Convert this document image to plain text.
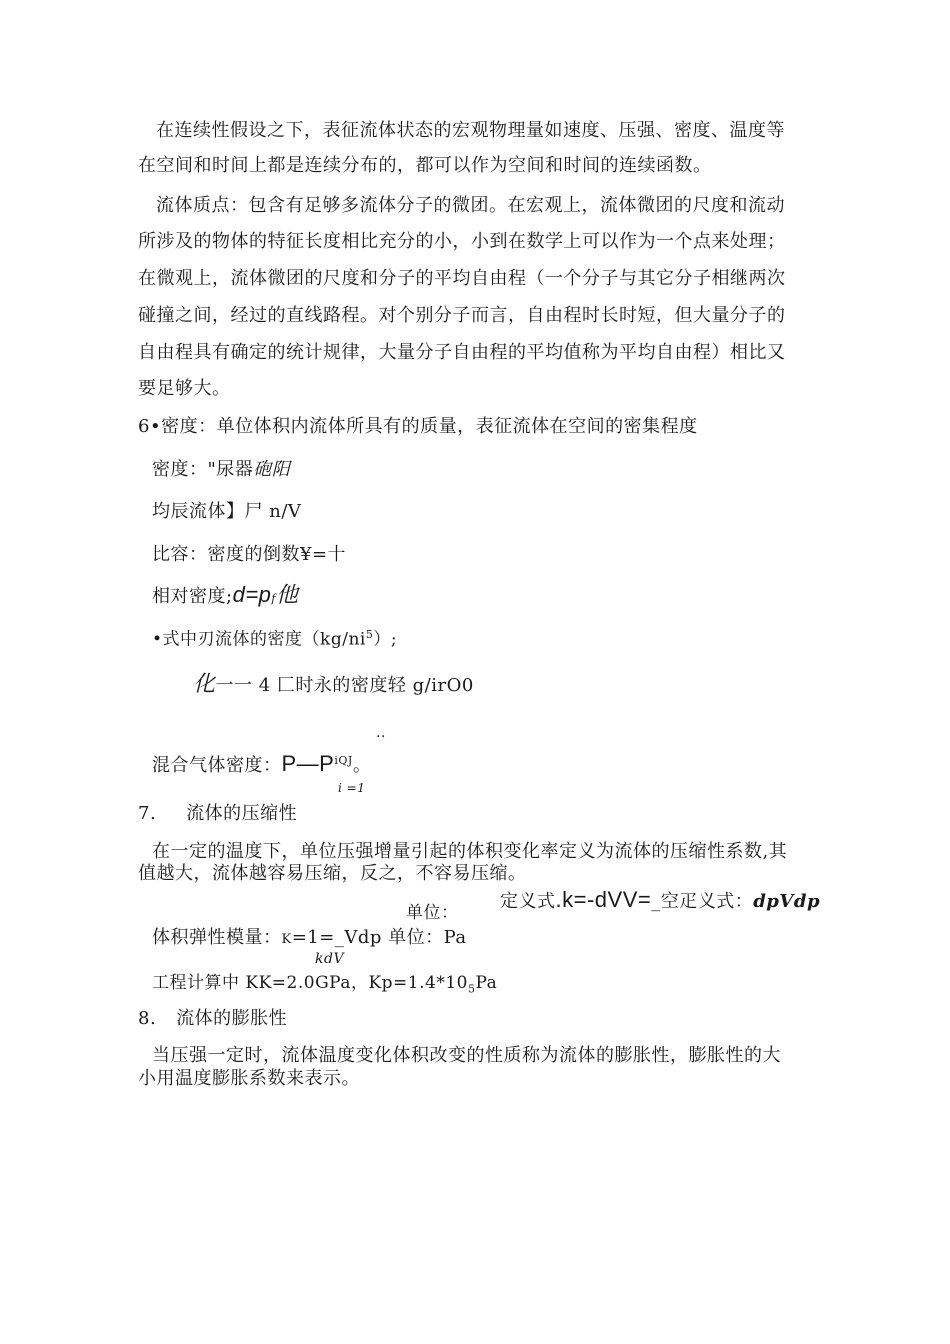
在连续性假设之下，表征流体状态的宏观物理量如速度、压强、密度、温度等
在空间和时间上都是连续分布的，都可以作为空间和时间的连续函数。
流体质点：包含有足够多流体分子的微团。在宏观上，流体微团的尺度和流动
所涉及的物体的特征长度相比充分的小，小到在数学上可以作为一个点来处理；
在微观上，流体微团的尺度和分子的平均自由程（一个分子与其它分子相继两次
碰撞之间，经过的直线路程。对个别分子而言，自由程时长时短，但大量分子的
自由程具有确定的统计规律，大量分子自由程的平均值称为平均自由程）相比又
要足够大。
6•密度：单位体积内流体所具有的质量，表征流体在空间的密集程度
密度："尿器砲阳
均辰流体】尸 n/V
比容：密度的倒数¥=十
相对密度;d=pf他
•式中刃流体的密度$(kg/ni^5)$;
化一一 4 匚时永的密度轻 g/irO0
..
混合气体密度：$P—P^{iQJ}$。
i =1
7. 流体的压缩性
在一定的温度下，单位压强增量引起的体积变化率定义为流体的压缩性系数,其
值越大，流体越容易压缩，反之，不容易压缩。
单位：
定义式.k=-dVV=_空疋义式：dpVdp
体积弹性模量：K=1=_Vdp 单位：Pa
kdV
工程计算中 KK=2.0GPa，$Kp=1.4*10_5Pa$
8. 流体的膨胀性
当压强一定时，流体温度变化体积改变的性质称为流体的膨胀性，膨胀性的大
小用温度膨胀系数来表示。
